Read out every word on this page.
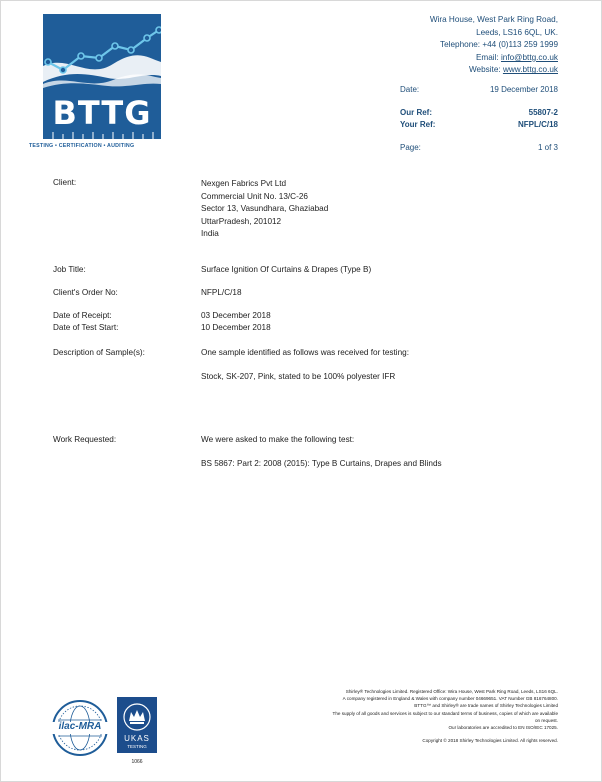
BTTG
TESTING • CERTIFICATION • AUDITING
Wira House, West Park Ring Road,
Leeds, LS16 6QL, UK.
Telephone: +44 (0)113 259 1999
Email: info@bttg.co.uk
Website: www.bttg.co.uk
Date:	19 December 2018
Our Ref:	55807-2
Your Ref:	NFPL/C/18
Page:	1 of 3
Client:	Nexgen Fabrics Pvt Ltd
Commercial Unit No. 13/C-26
Sector 13, Vasundhara, Ghaziabad
UttarPradesh, 201012
India
Job Title:	Surface Ignition Of Curtains & Drapes (Type B)
Client's Order No:	NFPL/C/18
Date of Receipt:	03 December 2018
Date of Test Start:	10 December 2018
Description of Sample(s):	One sample identified as follows was received for testing:
Stock, SK-207, Pink, stated to be 100% polyester IFR
Work Requested:	We were asked to make the following test:
BS 5867: Part 2: 2008 (2015): Type B Curtains, Drapes and Blinds
ilac-MRA
UKAS
TESTING
1066
Shirley® Technologies Limited. Registered Office: Wira House, West Park Ring Road, Leeds, LS16 6QL.
A company registered in England & Wales with company number 04669651. VAT Number GB 816764800.
BTTG™ and Shirley® are trade names of Shirley Technologies Limited
The supply of all goods and services is subject to our standard terms of business, copies of which are available
on request.
Our laboratories are accredited to EN ISO/IEC 17025.
Copyright © 2018 Shirley Technologies Limited. All rights reserved.
